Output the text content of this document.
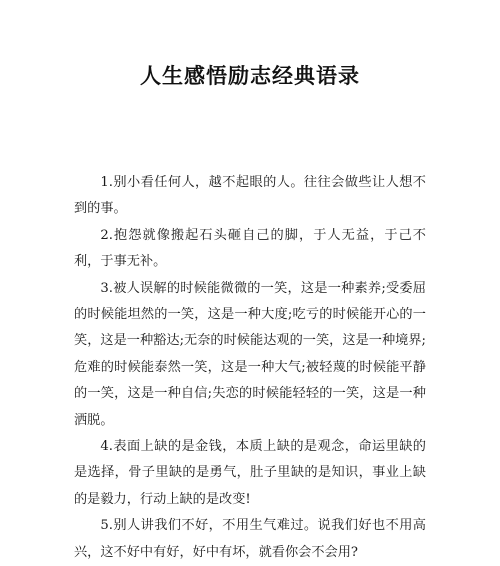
人生感悟励志经典语录

1.别小看任何人，越不起眼的人。往往会做些让人想不到的事。

2.抱怨就像搬起石头砸自己的脚，于人无益，于己不利，于事无补。

3.被人误解的时候能微微的一笑，这是一种素养;受委屈的时候能坦然的一笑，这是一种大度;吃亏的时候能开心的一笑，这是一种豁达;无奈的时候能达观的一笑，这是一种境界;危难的时候能泰然一笑，这是一种大气;被轻蔑的时候能平静的一笑，这是一种自信;失恋的时候能轻轻的一笑，这是一种洒脱。

4.表面上缺的是金钱，本质上缺的是观念，命运里缺的是选择，骨子里缺的是勇气，肚子里缺的是知识，事业上缺的是毅力，行动上缺的是改变!

5.别人讲我们不好，不用生气难过。说我们好也不用高兴，这不好中有好，好中有坏，就看你会不会用?
